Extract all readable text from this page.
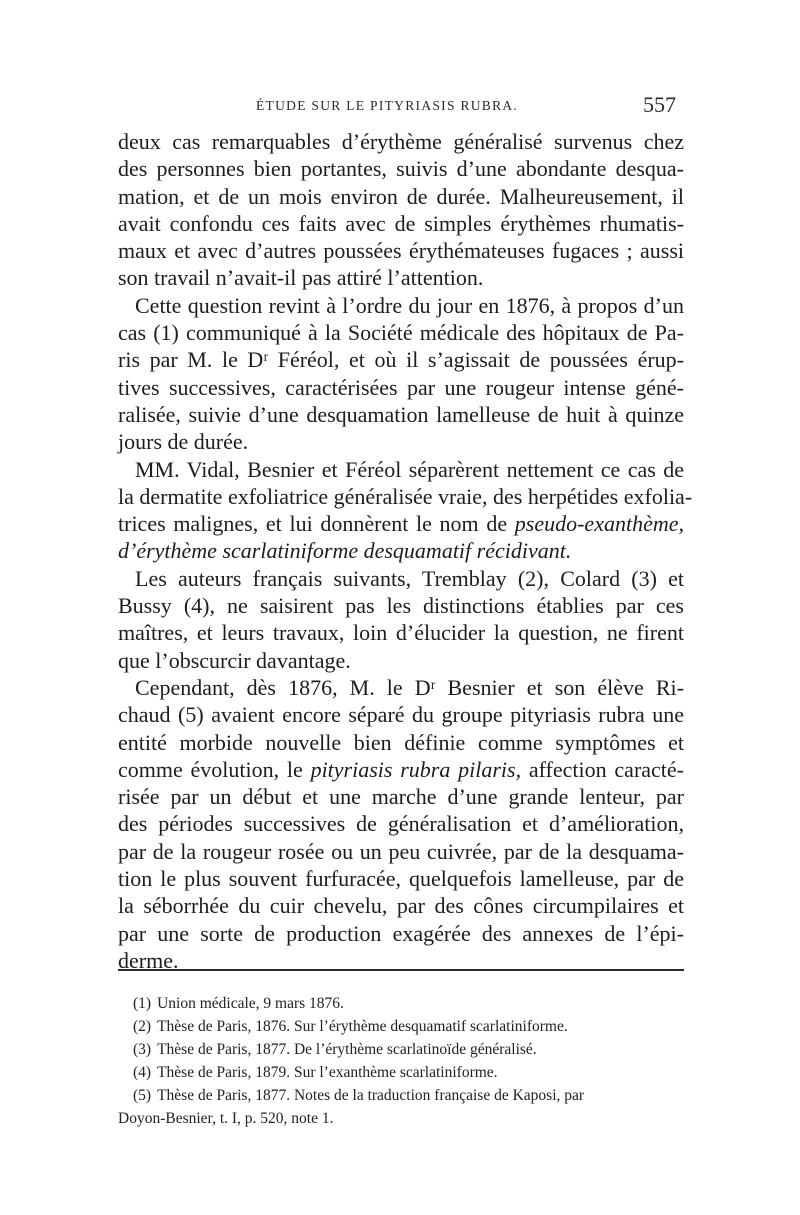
ÉTUDE SUR LE PITYRIASIS RUBRA.	557
deux cas remarquables d’érythème généralisé survenus chez
des personnes bien portantes, suivis d’une abondante desqua-
mation, et de un mois environ de durée. Malheureusement, il
avait confondu ces faits avec de simples érythèmes rhumatis-
maux et avec d’autres poussées érythémateuses fugaces ; aussi
son travail n’avait-il pas attiré l’attention.
Cette question revint à l’ordre du jour en 1876, à propos d’un
cas (1) communiqué à la Société médicale des hôpitaux de Pa-
ris par M. le Dʳ Féréol, et où il s’agissait de poussées érup-
tives successives, caractérisées par une rougeur intense géné-
ralisée, suivie d’une desquamation lamelleuse de huit à quinze
jours de durée.
MM. Vidal, Besnier et Féréol séparèrent nettement ce cas de
la dermatite exfoliatrice généralisée vraie, des herpétides exfolia-
trices malignes, et lui donnèrent le nom de pseudo-exanthème,
d’érythème scarlatiniforme desquamatif récidivant.
Les auteurs français suivants, Tremblay (2), Colard (3) et
Bussy (4), ne saisirent pas les distinctions établies par ces
maîtres, et leurs travaux, loin d’élucider la question, ne firent
que l’obscurcir davantage.
Cependant, dès 1876, M. le Dʳ Besnier et son élève Ri-
chaud (5) avaient encore séparé du groupe pityriasis rubra une
entité morbide nouvelle bien définie comme symptômes et
comme évolution, le pityriasis rubra pilaris, affection caracté-
risée par un début et une marche d’une grande lenteur, par
des périodes successives de généralisation et d’amélioration,
par de la rougeur rosée ou un peu cuivrée, par de la desquama-
tion le plus souvent furfuracée, quelquefois lamelleuse, par de
la séborrhée du cuir chevelu, par des cônes circumpilaires et
par une sorte de production exagérée des annexes de l’épi-
derme.
(1) Union médicale, 9 mars 1876.
(2) Thèse de Paris, 1876. Sur l’érythème desquamatif scarlatiniforme.
(3) Thèse de Paris, 1877. De l’érythème scarlatinoïde généralisé.
(4) Thèse de Paris, 1879. Sur l’exanthème scarlatiniforme.
(5) Thèse de Paris, 1877. Notes de la traduction française de Kaposi, par
Doyon-Besnier, t. I, p. 520, note 1.
